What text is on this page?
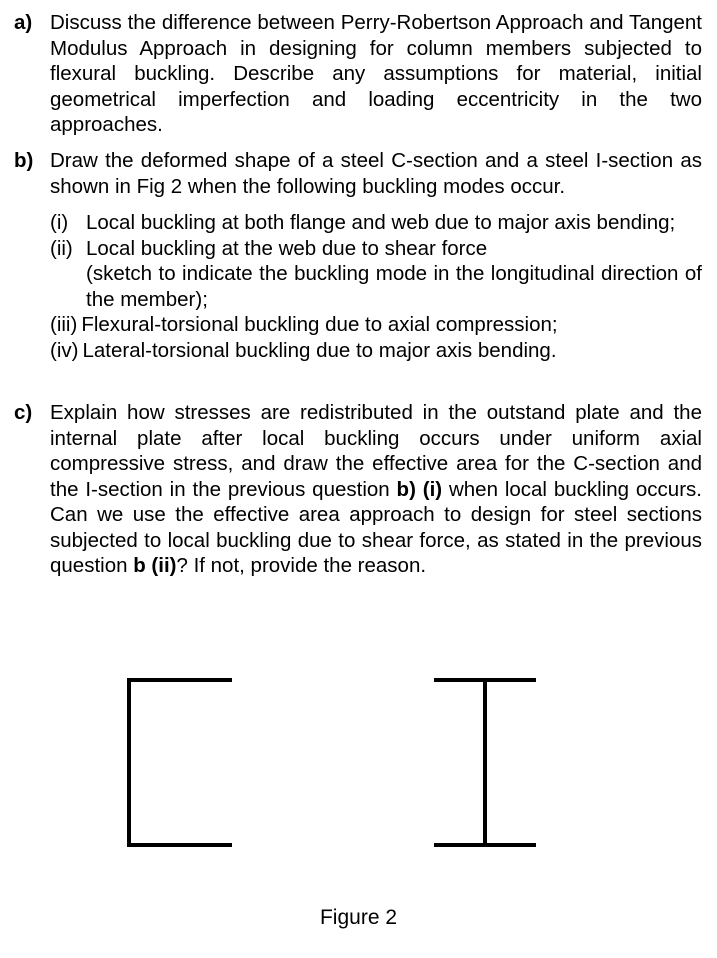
a) Discuss the difference between Perry-Robertson Approach and Tangent Modulus Approach in designing for column members subjected to flexural buckling. Describe any assumptions for material, initial geometrical imperfection and loading eccentricity in the two approaches.
b) Draw the deformed shape of a steel C-section and a steel I-section as shown in Fig 2 when the following buckling modes occur.
(i) Local buckling at both flange and web due to major axis bending;
(ii) Local buckling at the web due to shear force
(sketch to indicate the buckling mode in the longitudinal direction of the member);
(iii) Flexural-torsional buckling due to axial compression;
(iv) Lateral-torsional buckling due to major axis bending.
c) Explain how stresses are redistributed in the outstand plate and the internal plate after local buckling occurs under uniform axial compressive stress, and draw the effective area for the C-section and the I-section in the previous question b) (i) when local buckling occurs. Can we use the effective area approach to design for steel sections subjected to local buckling due to shear force, as stated in the previous question b (ii)? If not, provide the reason.
Figure 2
